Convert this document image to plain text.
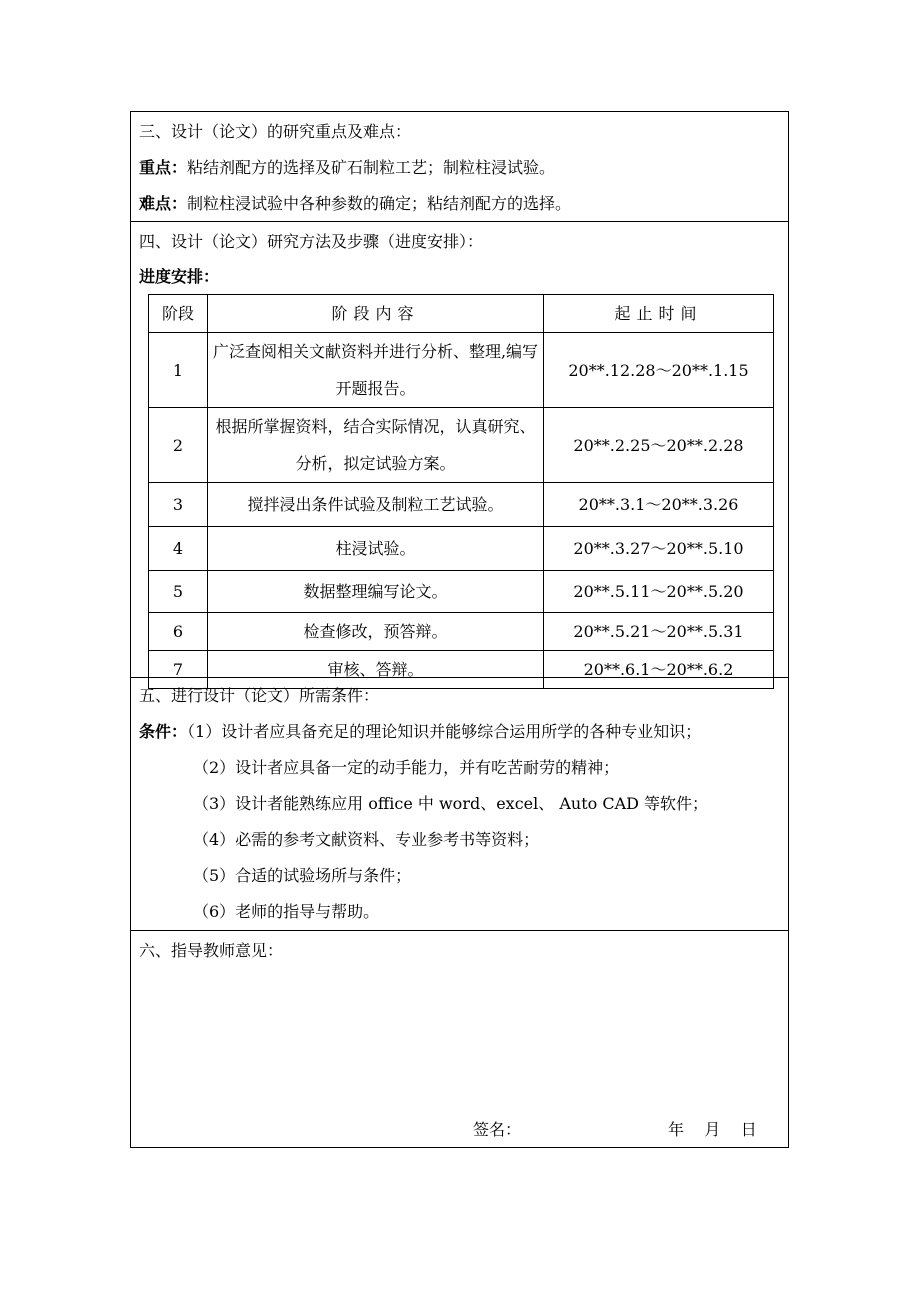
三、设计（论文）的研究重点及难点：
重点：粘结剂配方的选择及矿石制粒工艺；制粒柱浸试验。
难点：制粒柱浸试验中各种参数的确定；粘结剂配方的选择。
四、设计（论文）研究方法及步骤（进度安排）：
进度安排：
阶段	阶段内容	起止时间
1	广泛查阅相关文献资料并进行分析、整理,编写开题报告。	20**.12.28～20**.1.15
2	根据所掌握资料，结合实际情况，认真研究、分析，拟定试验方案。	20**.2.25～20**.2.28
3	搅拌浸出条件试验及制粒工艺试验。	20**.3.1～20**.3.26
4	柱浸试验。	20**.3.27～20**.5.10
5	数据整理编写论文。	20**.5.11～20**.5.20
6	检查修改，预答辩。	20**.5.21～20**.5.31
7	审核、答辩。	20**.6.1～20**.6.2
五、进行设计（论文）所需条件：
条件：（1）设计者应具备充足的理论知识并能够综合运用所学的各种专业知识；
（2）设计者应具备一定的动手能力，并有吃苦耐劳的精神；
（3）设计者能熟练应用 office 中 word、excel、 Auto CAD 等软件；
（4）必需的参考文献资料、专业参考书等资料；
（5）合适的试验场所与条件；
（6）老师的指导与帮助。
六、指导教师意见：
签名：	年    月    日
